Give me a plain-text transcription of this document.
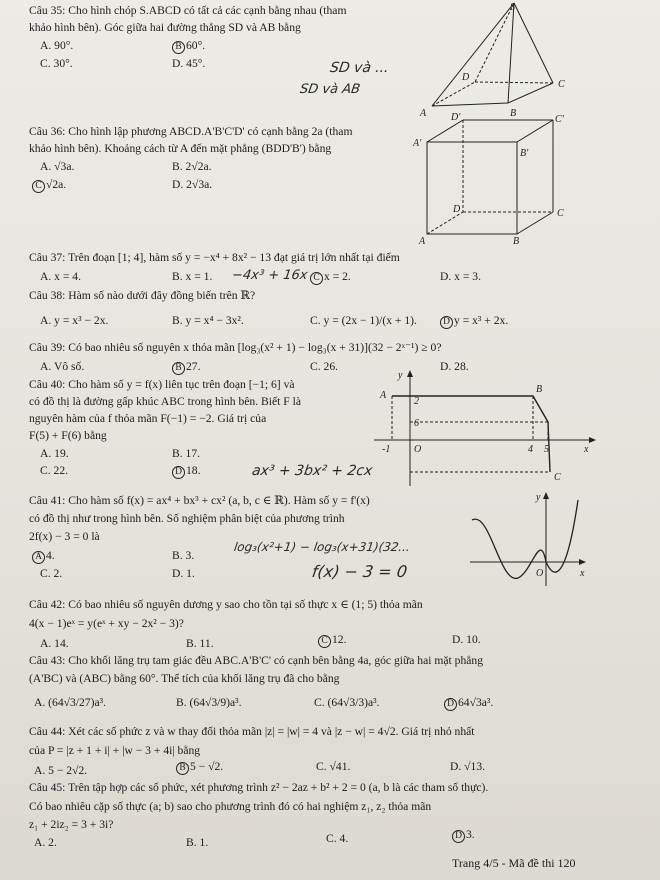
Câu 35: Cho hình chóp S.ABCD có tất cả các cạnh bằng nhau (tham
khảo hình bên). Góc giữa hai đường thẳng SD và AB bằng
A. 90°.	B 60°.
C. 30°.	D. 45°.	SD và ...
SD và AB
S
A	B
C
D
Câu 36: Cho hình lập phương ABCD.A'B'C'D' có cạnh bằng 2a (tham
khảo hình bên). Khoảng cách từ A đến mặt phẳng (BDD'B') bằng
A. √3a.	B. 2√2a.
C √2a.	D. 2√3a.
A'
B'
C'
D'
A	B
C
D
Câu 37: Trên đoạn [1; 4], hàm số y = −x⁴ + 8x² − 13 đạt giá trị lớn nhất tại điểm
A. x = 4.	B. x = 1. −4x³ + 16x C x = 2.	D. x = 3.
Câu 38: Hàm số nào dưới đây đồng biến trên ℝ?
A. y = x³ − 2x.	B. y = x⁴ − 3x².	C. y = (2x − 1)/(x + 1).	D y = x³ + 2x.
Câu 39: Có bao nhiêu số nguyên x thỏa mãn [log₃(x² + 1) − log₃(x + 31)](32 − 2ˣ⁻¹) ≥ 0?
A. Vô số.	B 27.	C. 26.	D. 28.
Câu 40: Cho hàm số y = f(x) liên tục trên đoạn [−1; 6] và
có đồ thị là đường gấp khúc ABC trong hình bên. Biết F là
nguyên hàm của f thỏa mãn F(−1) = −2. Giá trị của
F(5) + F(6) bằng
A. 19.	B. 17.
C. 22.	D 18.	ax³ + 3bx² + 2cx
y
x
A
B
C
2
6
-1 O	4 5
Câu 41: Cho hàm số f(x) = ax⁴ + bx³ + cx² (a, b, c ∈ ℝ). Hàm số y = f'(x)
có đồ thị như trong hình bên. Số nghiệm phân biệt của phương trình
2f(x) − 3 = 0 là
A 4.	B. 3.
C. 2.	D. 1.
log₃(x²+1) − log₃(x+31)(32...
f(x) − 3 = 0
y
O	x
Câu 42: Có bao nhiêu số nguyên dương y sao cho tồn tại số thực x ∈ (1; 5) thỏa mãn
4(x − 1)eˣ = y(eˣ + xy − 2x² − 3)?
A. 14.	B. 11.	C 12.	D. 10.
Câu 43: Cho khối lăng trụ tam giác đều ABC.A'B'C' có cạnh bên bằng 4a, góc giữa hai mặt phẳng
(A'BC) và (ABC) bằng 60°. Thể tích của khối lăng trụ đã cho bằng
A. (64√3/27)a³.	B. (64√3/9)a³.	C. (64√3/3)a³.	D 64√3a³.
Câu 44: Xét các số phức z và w thay đổi thỏa mãn |z| = |w| = 4 và |z − w| = 4√2. Giá trị nhỏ nhất
của P = |z + 1 + i| + |w − 3 + 4i| bằng
A. 5 − 2√2.	B 5 − √2.	C. √41.	D. √13.
Câu 45: Trên tập hợp các số phức, xét phương trình z² − 2az + b² + 2 = 0 (a, b là các tham số thực).
Có bao nhiêu cặp số thực (a; b) sao cho phương trình đó có hai nghiệm z₁, z₂ thỏa mãn
z₁ + 2iz₂ = 3 + 3i?
A. 2.	B. 1.	C. 4.	D 3.
Trang 4/5 - Mã đề thi 120
